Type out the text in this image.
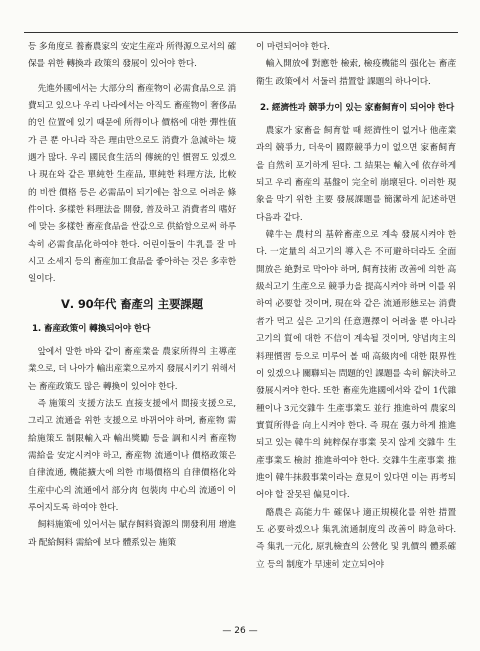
등 多角度로 養畜農家의 安定生産과 所得源으로서의 確保를 위한 轉換과 政策의 發展이 있어야 한다.

先進外國에서는 大部分의 畜産物이 必需食品으로 消費되고 있으나 우리 나라에서는 아직도 畜産物이 奢侈品的인 位置에 있기 때문에 所得이나 價格에 대한 彈性值가 큰 뿐 아니라 작은 理由만으로도 消費가 急減하는 境遇가 많다. 우리 國民食生活의 傳統的인 慣習도 있겠으나 現在와 같은 單純한 生産品, 單純한 料理方法, 比較的 비싼 價格 등은 必需品이 되기에는 참으로 어려운 條件이다. 多樣한 料理法을 開發, 普及하고 消費者의 嗜好에 맞는 多樣한 畜産食品을 싼값으로 供給함으로써 하루속히 必需食品化하여야 한다. 어린이들이 牛乳를 잘 마시고 소세지 등의 畜産加工食品을 좋아하는 것은 多幸한 일이다.

Ⅴ. 90年代 畜產의 主要課題
1. 畜産政策이 轉換되어야 한다

앞에서 말한 바와 같이 畜産業을 農家所得의 主導產業으로, 더 나아가 輸出産業으로까지 發展시키기 위해서는 畜産政策도 많은 轉換이 있어야 한다.

즉 施策의 支援方法도 直接支援에서 間接支援으로, 그리고 流通을 위한 支援으로 바뀌어야 하며, 畜産物 需給施策도 制限輸入과 輸出獎勵 등을 調和시켜 畜産物 需給을 安定시켜야 하고, 畜産物 流通이나 價格政策은 自律流通, 機能擴大에 의한 市場價格의 自律價格化와 生産中心의 流通에서 部分肉 包裝肉 中心의 流通이 이루어지도록 하여야 한다.

飼料施策에 있어서는 賦存飼料資源의 開發利用 增進과 配給飼料 需給에 보다 體系있는 施策

이 마련되어야 한다.

輸入開放에 對應한 檢索, 檢疫機能의 强化는 畜產衛生 政策에서 서둘러 措置할 課題의 하나이다.

2. 經濟性과 競爭力이 있는 家畜飼育이 되어야 한다

農家가 家畜을 飼育할 때 經濟性이 없거나 他產業과의 競爭力, 더욱이 國際競爭力이 없으면 家畜飼育을 自然히 포기하게 된다. 그 結果는 輸入에 依存하게 되고 우리 畜産의 基盤이 完全히 崩壞된다. 이러한 現象을 막기 위한 主要 發展課題를 簡潔하게 記述하면 다음과 같다.

韓牛는 農村의 基幹畜產으로 계속 發展시켜야 한다. 一定量의 쇠고기의 導入은 不可避하더라도 全面開放은 絶對로 막아야 하며, 飼育技術 改善에 의한 高級쇠고기 生產으로 競爭力을 提高시켜야 하며 이를 위하여 必要할 것이며, 現在와 같은 流通形態로는 消費者가 먹고 싶은 고기의 任意選擇이 어려울 뿐 아니라 고기의 質에 대한 不信이 계속될 것이며, 양념肉主의 料理慣習 등으로 미루어 볼 때 高級肉에 대한 限界性이 있겠으나 關聯되는 問題的인 課題를 속히 解決하고 發展시켜야 한다. 또한 畜産先進國에서와 같이 1代雜種이나 3元交雜牛 生產事業도 並行 推進하여 農家의 實質所得을 向上시켜야 한다. 즉 現在 强力하게 推進되고 있는 韓牛의 純粹保存事業 못지 않게 交雜牛 生產事業도 檢討 推進하여야 한다. 交雜牛生產事業 推進이 韓牛抹殺事業이라는 意見이 있다면 이는 再考되어야 할 잘못된 偏見이다.

酪農은 高能力牛 確保나 適正規模化를 위한 措置도 必要하겠으나 集乳流通制度의 改善이 時急하다. 즉 集乳一元化, 原乳檢査의 公營化 및 乳價의 體系確立 등의 制度가 早速히 定立되어야

— 26 —
